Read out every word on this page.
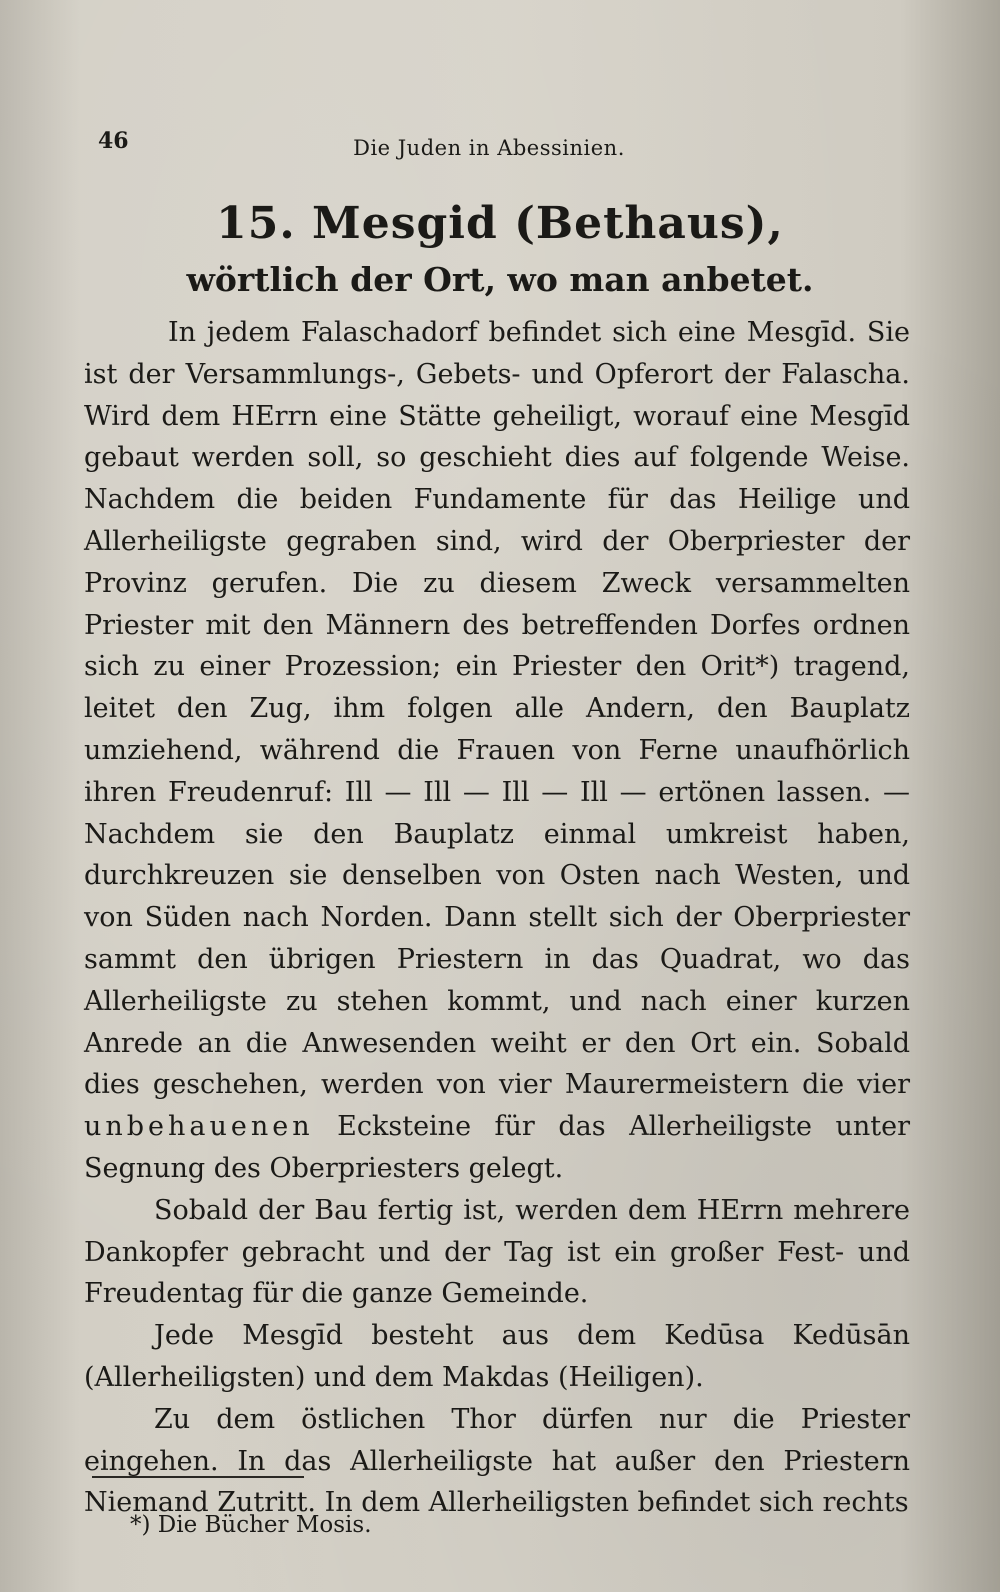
46	Die Juden in Abessinien.
15. Mesgid (Bethaus),
wörtlich der Ort, wo man anbetet.

In jedem Falaschadorf befindet sich eine Mesgīd. Sie ist der Versammlungs-, Gebets- und Opferort der Falascha. Wird dem HErrn eine Stätte geheiligt, worauf eine Mesgīd gebaut werden soll, so geschieht dies auf folgende Weise. Nachdem die beiden Fundamente für das Heilige und Allerheiligste gegraben sind, wird der Oberpriester der Provinz gerufen. Die zu diesem Zweck versammelten Priester mit den Männern des betreffenden Dorfes ordnen sich zu einer Prozession; ein Priester den Orit*) tragend, leitet den Zug, ihm folgen alle Andern, den Bauplatz umziehend, während die Frauen von Ferne unaufhörlich ihren Freudenruf: Ill — Ill — Ill — Ill — ertönen lassen. — Nachdem sie den Bauplatz einmal umkreist haben, durchkreuzen sie denselben von Osten nach Westen, und von Süden nach Norden. Dann stellt sich der Oberpriester sammt den übrigen Priestern in das Quadrat, wo das Allerheiligste zu stehen kommt, und nach einer kurzen Anrede an die Anwesenden weiht er den Ort ein. Sobald dies geschehen, werden von vier Maurermeistern die vier unbehauenen Ecksteine für das Allerheiligste unter Segnung des Oberpriesters gelegt.

Sobald der Bau fertig ist, werden dem HErrn mehrere Dankopfer gebracht und der Tag ist ein großer Fest- und Freudentag für die ganze Gemeinde.

Jede Mesgīd besteht aus dem Kedūsa Kedūsān (Allerheiligsten) und dem Makdas (Heiligen).

Zu dem östlichen Thor dürfen nur die Priester eingehen. In das Allerheiligste hat außer den Priestern Niemand Zutritt. In dem Allerheiligsten befindet sich rechts

*) Die Bücher Mosis.
